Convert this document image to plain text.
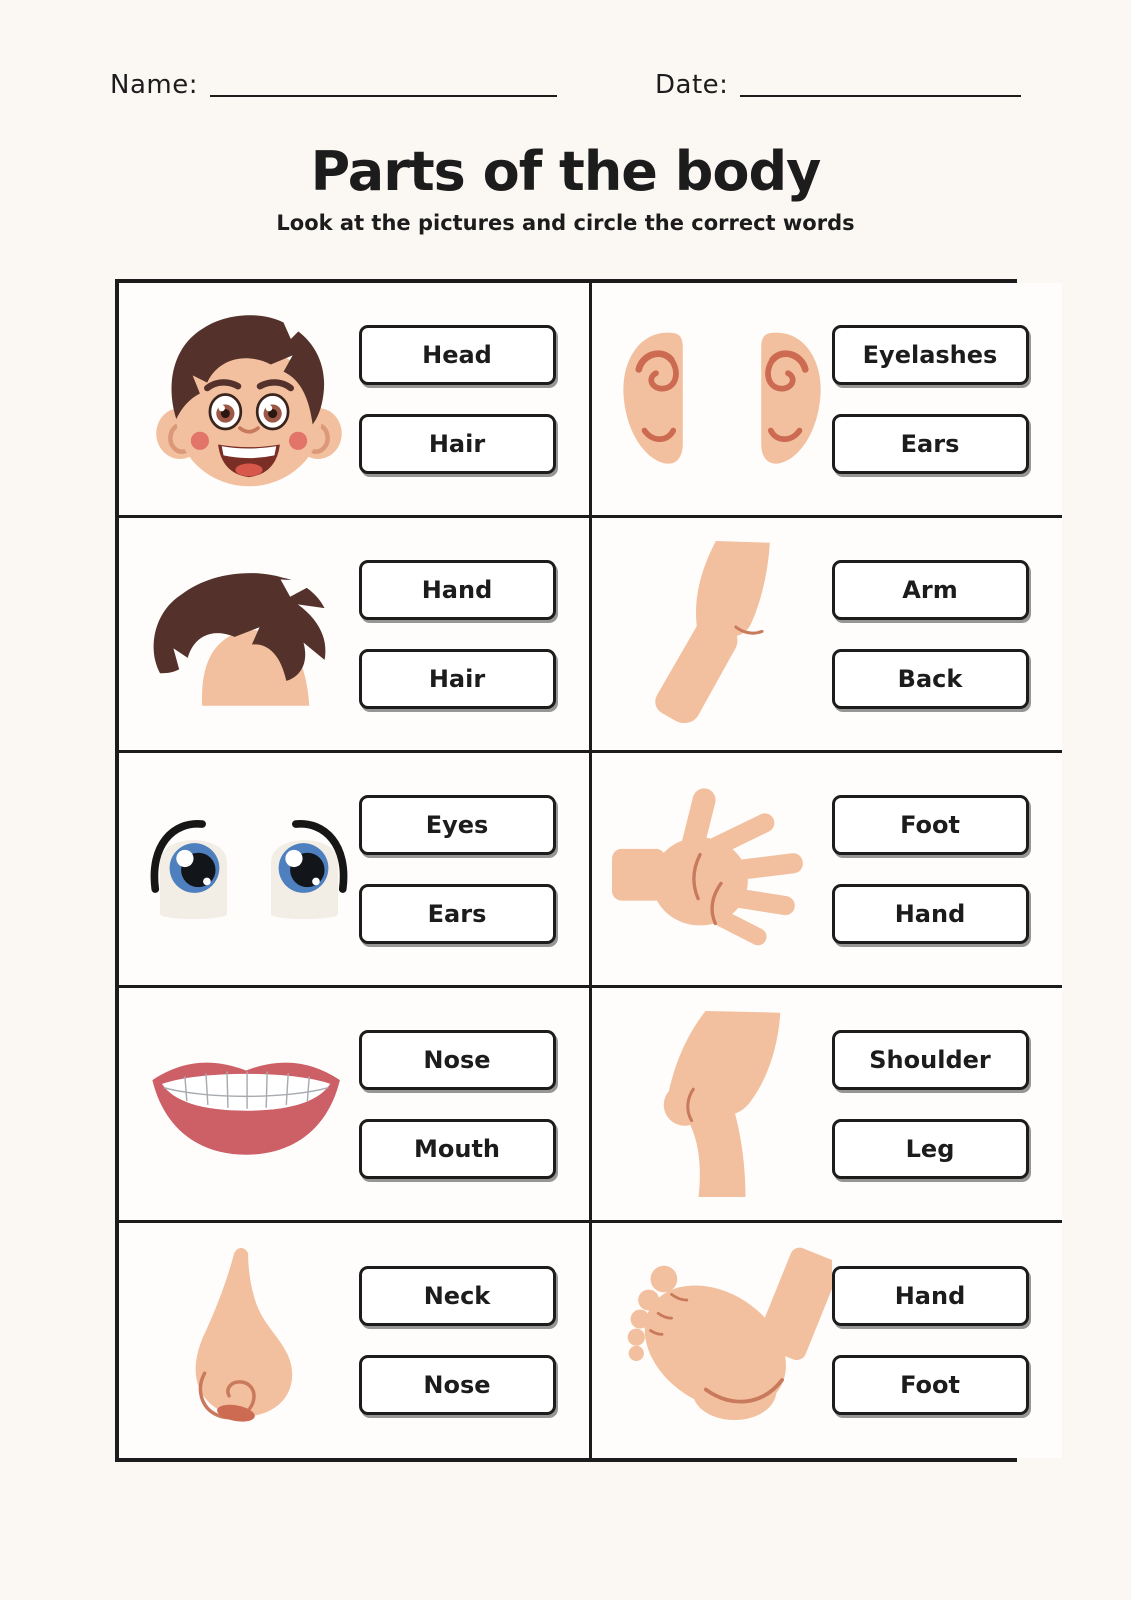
Name:	Date:
Parts of the body

Look at the pictures and circle the correct words

Head
Hair
Eyelashes
Ears
Hand
Hair
Arm
Back
Eyes
Ears
Foot
Hand
Nose
Mouth
Shoulder
Leg
Neck
Nose
Hand
Foot
